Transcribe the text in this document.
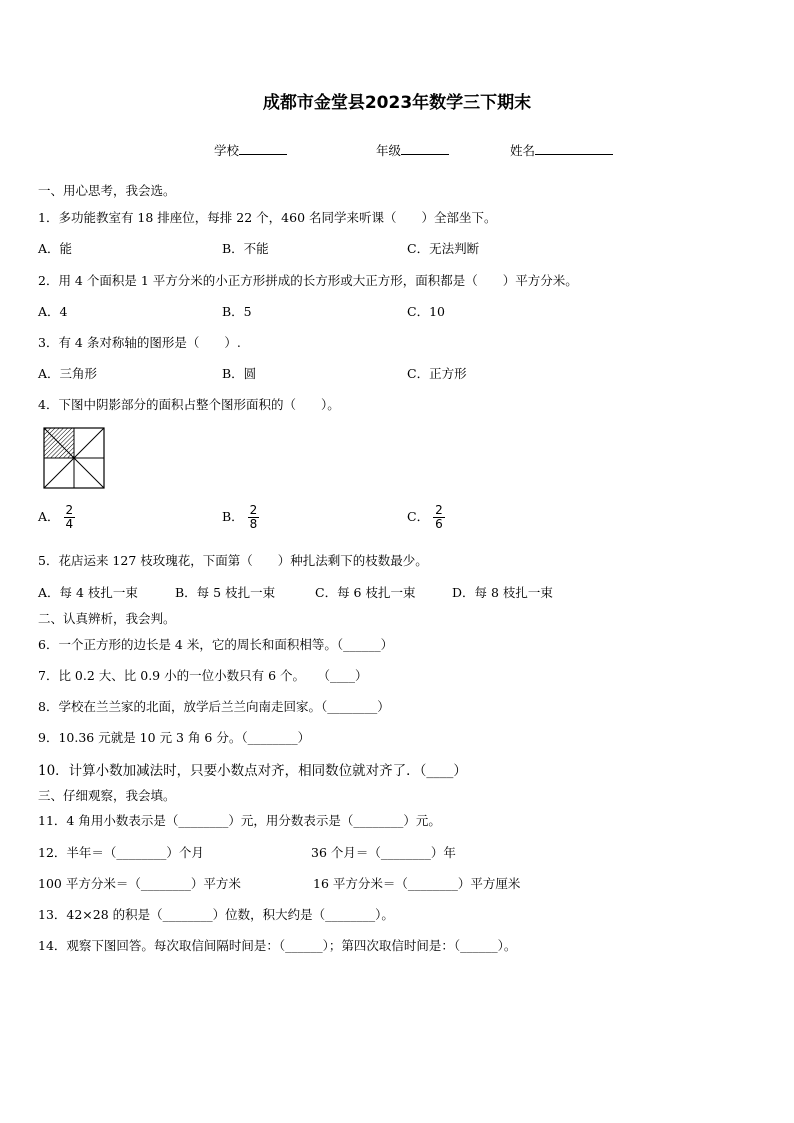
成都市金堂县2023年数学三下期末
学校	年级	姓名
一、用心思考，我会选。
1．多功能教室有 18 排座位，每排 22 个，460 名同学来听课（　　）全部坐下。
A．能	B．不能	C．无法判断
2．用 4 个面积是 1 平方分米的小正方形拼成的长方形或大正方形，面积都是（　　）平方分米。
A．4	B．5	C．10
3．有 4 条对称轴的图形是（　　）.
A．三角形	B．圆	C．正方形
4．下图中阴影部分的面积占整个图形面积的（　　）。
A． $\frac{2}{4}$	B． $\frac{2}{8}$	C． $\frac{2}{6}$
5．花店运来 127 枝玫瑰花，下面第（　　）种扎法剩下的枝数最少。
A．每 4 枝扎一束	B．每 5 枝扎一束	C．每 6 枝扎一束	D．每 8 枝扎一束
二、认真辨析，我会判。
6．一个正方形的边长是 4 米，它的周长和面积相等。（______）
7．比 0.2 大、比 0.9 小的一位小数只有 6 个。　　（____）
8．学校在兰兰家的北面，放学后兰兰向南走回家。（________）
9．10.36 元就是 10 元 3 角 6 分。（________）
10．计算小数加减法时，只要小数点对齐，相同数位就对齐了．（____）
三、仔细观察，我会填。
11．4 角用小数表示是（________）元，用分数表示是（________）元。
12．半年＝（________）个月	36 个月＝（________）年
100 平方分米＝（________）平方米	16 平方分米＝（________）平方厘米
13．42×28 的积是（________）位数，积大约是（________）。
14．观察下图回答。每次取信间隔时间是：（______）；第四次取信时间是：（______）。
